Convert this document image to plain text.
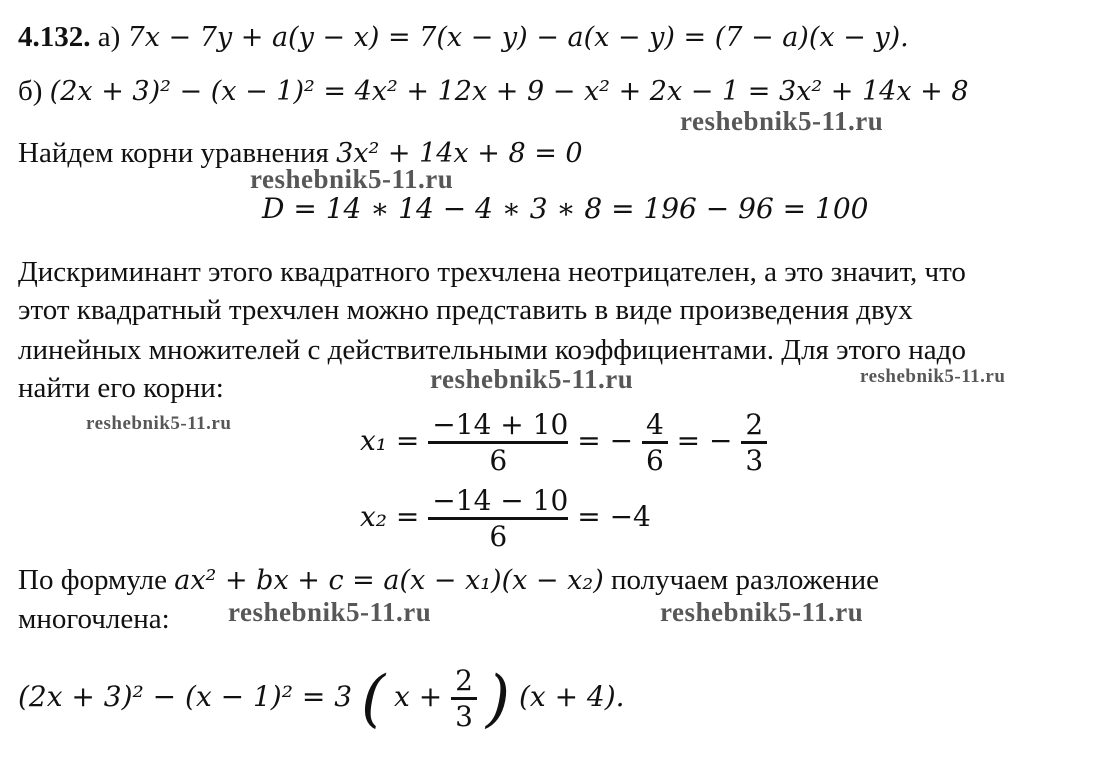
4.132. а) 7x − 7y + a(y − x) = 7(x − y) − a(x − y) = (7 − a)(x − y).
б) (2x + 3)² − (x − 1)² = 4x² + 12x + 9 − x² + 2x − 1 = 3x² + 14x + 8
Найдем корни уравнения 3x² + 14x + 8 = 0
D = 14 ∗ 14 − 4 ∗ 3 ∗ 8 = 196 − 96 = 100
Дискриминант этого квадратного трехчлена неотрицателен, а это значит, что
этот квадратный трехчлен можно представить в виде произведения двух
линейных множителей с действительными коэффициентами. Для этого надо
найти его корни:
$x_1 = \frac{-14 + 10}{6}$ = − $\frac{4}{6}$ = − $\frac{2}{3}$
$x_2 = \frac{-14 - 10}{6} = -4$
По формуле ax² + bx + c = a(x − x₁)(x − x₂) получаем разложение
многочлена:
(2x + 3)² − (x − 1)² = 3 ( $x + \frac{2}{3}$ ) (x + 4).
reshebnik5-11.ru
reshebnik5-11.ru
reshebnik5-11.ru	reshebnik5-11.ru
reshebnik5-11.ru
reshebnik5-11.ru	reshebnik5-11.ru
